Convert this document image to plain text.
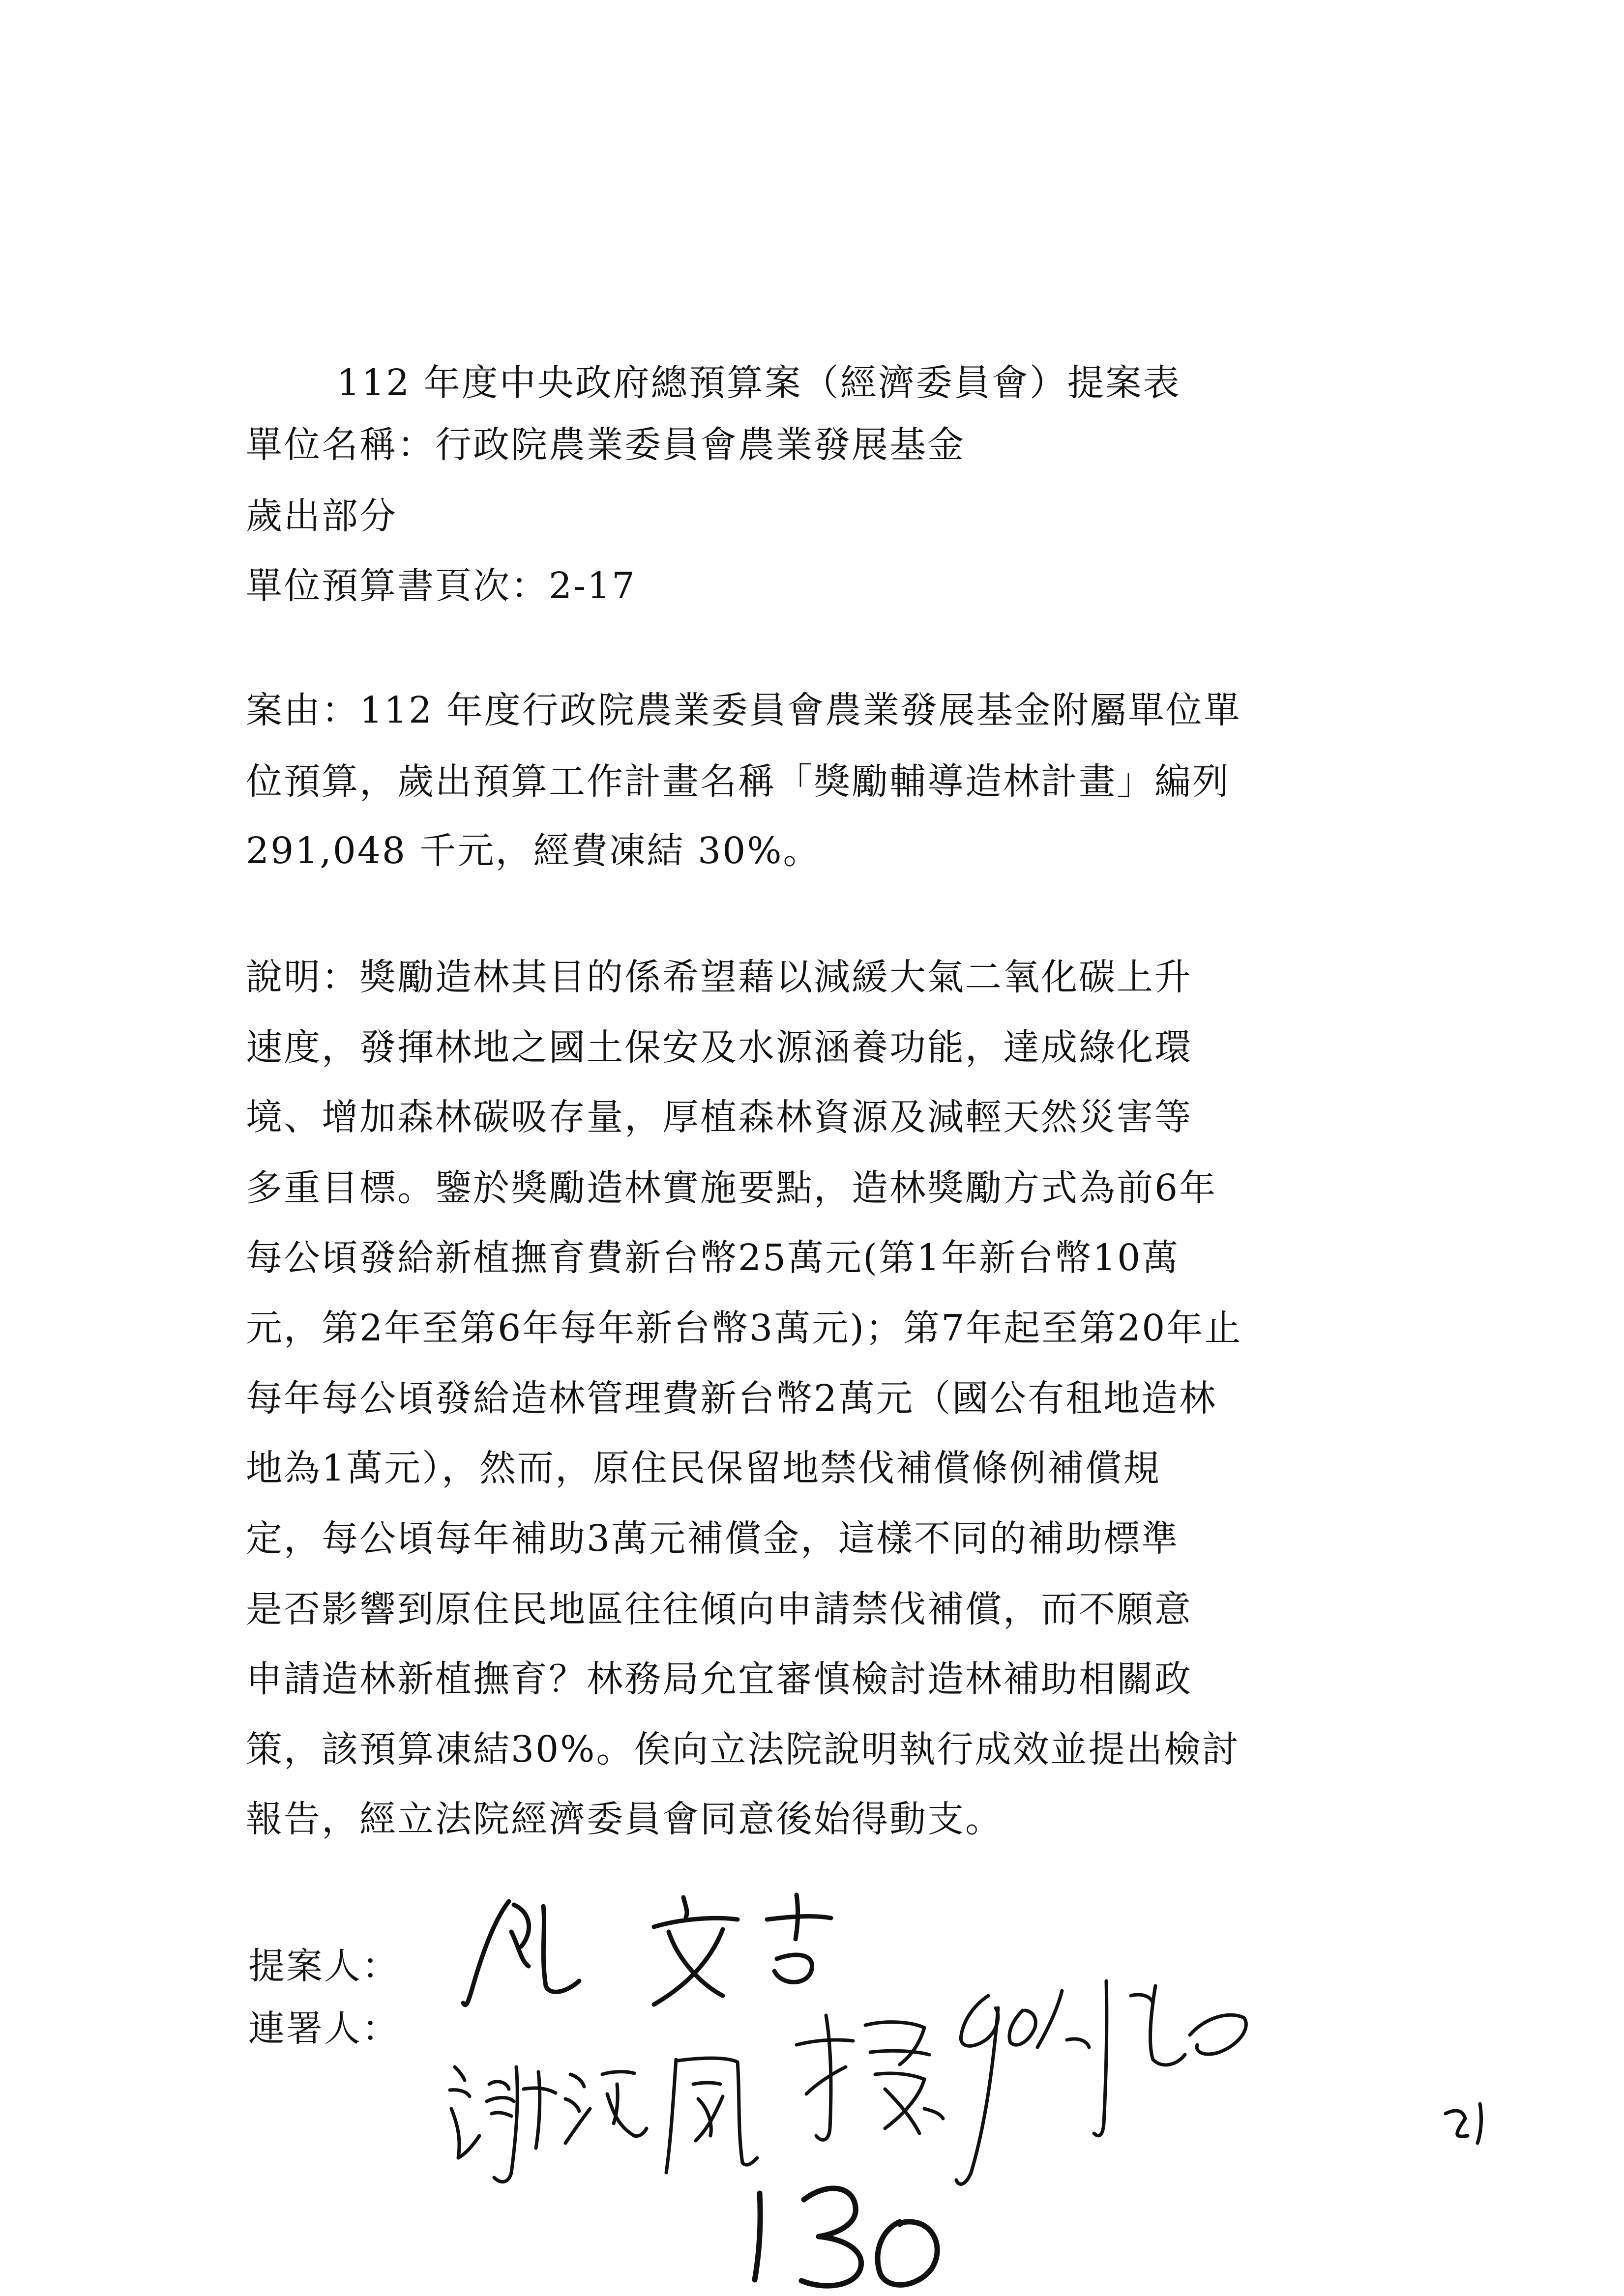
112 年度中央政府總預算案（經濟委員會）提案表
單位名稱：行政院農業委員會農業發展基金
歲出部分
單位預算書頁次：2-17
案由：112 年度行政院農業委員會農業發展基金附屬單位單
位預算，歲出預算工作計畫名稱「獎勵輔導造林計畫」編列
291,048 千元，經費凍結 30%。
說明：獎勵造林其目的係希望藉以減緩大氣二氧化碳上升
速度，發揮林地之國土保安及水源涵養功能，達成綠化環
境、增加森林碳吸存量，厚植森林資源及減輕天然災害等
多重目標。鑒於獎勵造林實施要點，造林獎勵方式為前6年
每公頃發給新植撫育費新台幣25萬元(第1年新台幣10萬
元，第2年至第6年每年新台幣3萬元)；第7年起至第20年止
每年每公頃發給造林管理費新台幣2萬元（國公有租地造林
地為1萬元），然而，原住民保留地禁伐補償條例補償規
定，每公頃每年補助3萬元補償金，這樣不同的補助標準
是否影響到原住民地區往往傾向申請禁伐補償，而不願意
申請造林新植撫育？林務局允宜審慎檢討造林補助相關政
策，該預算凍結30%。俟向立法院說明執行成效並提出檢討
報告，經立法院經濟委員會同意後始得動支。
提案人：
連署人：
130
